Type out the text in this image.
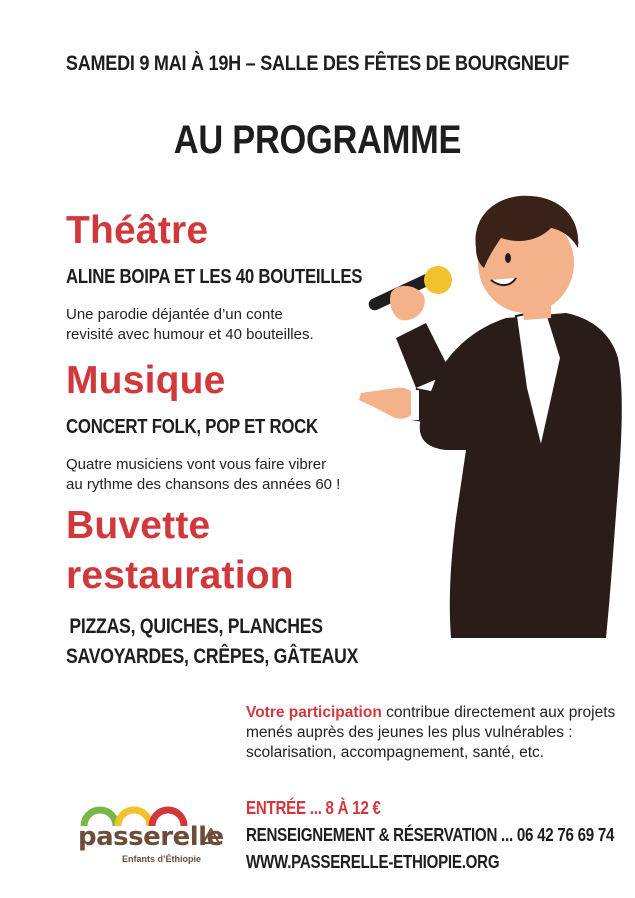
SAMEDI 9 MAI À 19H – SALLE DES FÊTES DE BOURGNEUF
AU PROGRAMME
Théâtre
ALINE BOIPA ET LES 40 BOUTEILLES
Une parodie déjantée d’un conte
revisité avec humour et 40 bouteilles.
Musique
CONCERT FOLK, POP ET ROCK
Quatre musiciens vont vous faire vibrer
au rythme des chansons des années 60 !
Buvette
restauration
PIZZAS, QUICHES, PLANCHES
SAVOYARDES, CRÊPES, GÂTEAUX
Votre participation contribue directement aux projets menés auprès des jeunes les plus vulnérables : scolarisation, accompagnement, santé, etc.
ENTRÉE ... 8 À 12 €
RENSEIGNEMENT & RÉSERVATION ... 06 42 76 69 74
WWW.PASSERELLE-ETHIOPIE.ORG
passerelle
Enfants d’Éthiopie
